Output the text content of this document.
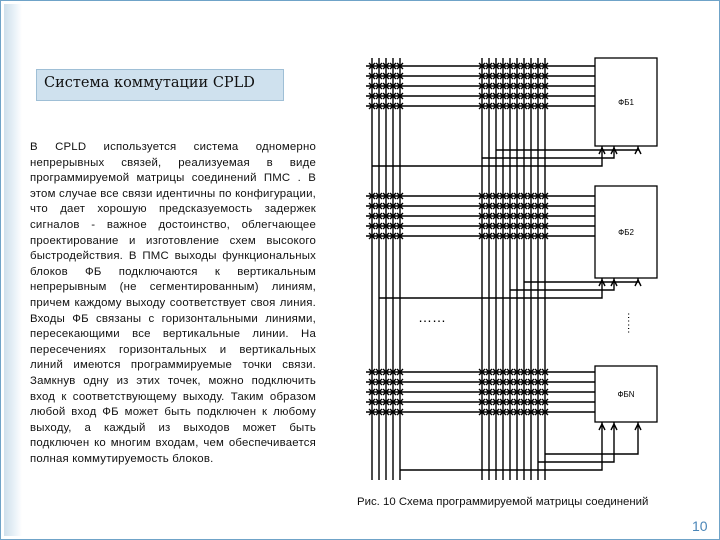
Система коммутации CPLD
В CPLD используется система одномерно непрерывных связей, реализуемая в виде программируемой матрицы соединений ПМС . В этом случае все связи идентичны по конфигурации, что дает хорошую предсказуемость задержек сигналов - важное достоинство, облегчающее проектирование и изготовление схем высокого быстродействия. В ПМС выходы функциональных блоков ФБ подключаются к вертикальным непрерывным (не сегментированным) линиям, причем каждому выходу соответствует своя линия. Входы ФБ связаны с горизонтальными линиями, пересекающими все вертикальные линии. На пересечениях горизонтальных и вертикальных линий имеются программируемые точки связи. Замкнув одну из этих точек, можно подключить вход к соответствующему выходу. Таким образом любой вход ФБ может быть подключен к любому выходу, а каждый из выходов может быть подключен ко многим входам, чем обеспечивается полная коммутируемость блоков.
ФБ1
ФБ2
ФБN
……	……
Рис. 10 Схема программируемой матрицы соединений
10
